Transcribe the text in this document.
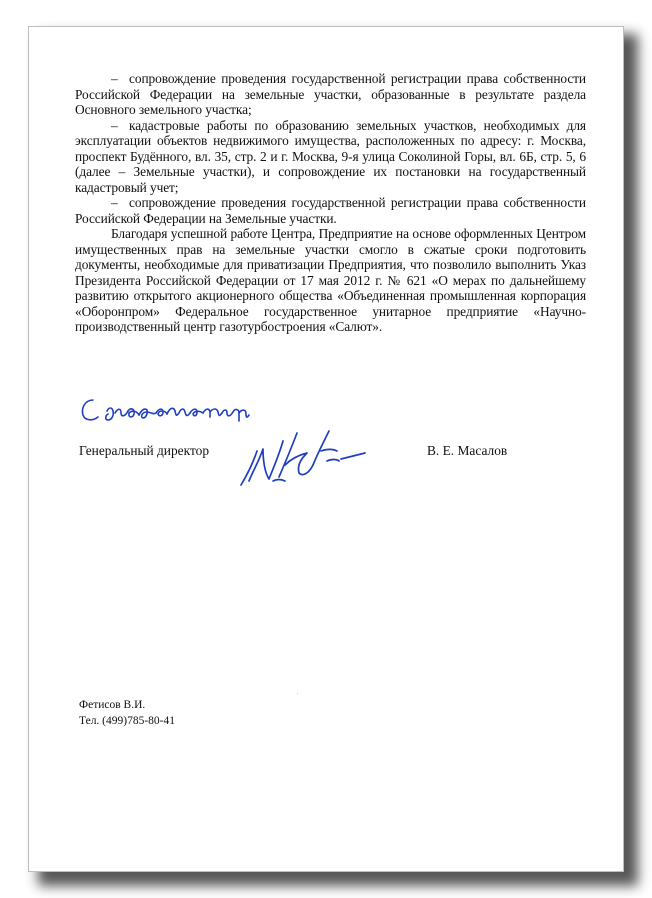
– сопровождение проведения государственной регистрации права собственности Российской Федерации на земельные участки, образованные в результате раздела Основного земельного участка;

– кадастровые работы по образованию земельных участков, необходимых для эксплуатации объектов недвижимого имущества, расположенных по адресу: г. Москва, проспект Будённого, вл. 35, стр. 2 и г. Москва, 9-я улица Соколиной Горы, вл. 6Б, стр. 5, 6 (далее – Земельные участки), и сопровождение их постановки на государственный кадастровый учет;

– сопровождение проведения государственной регистрации права собственности Российской Федерации на Земельные участки.

Благодаря успешной работе Центра, Предприятие на основе оформленных Центром имущественных прав на земельные участки смогло в сжатые сроки подготовить документы, необходимые для приватизации Предприятия, что позволило выполнить Указ Президента Российской Федерации от 17 мая 2012 г. № 621 «О мерах по дальнейшему развитию открытого акционерного общества «Объединенная промышленная корпорация «Оборонпром» Федеральное государственное унитарное предприятие «Научно-производственный центр газотурбостроения «Салют».

Генеральный директор	В. Е. Масалов
Фетисов В.И.
Тел. (499)785-80-41
